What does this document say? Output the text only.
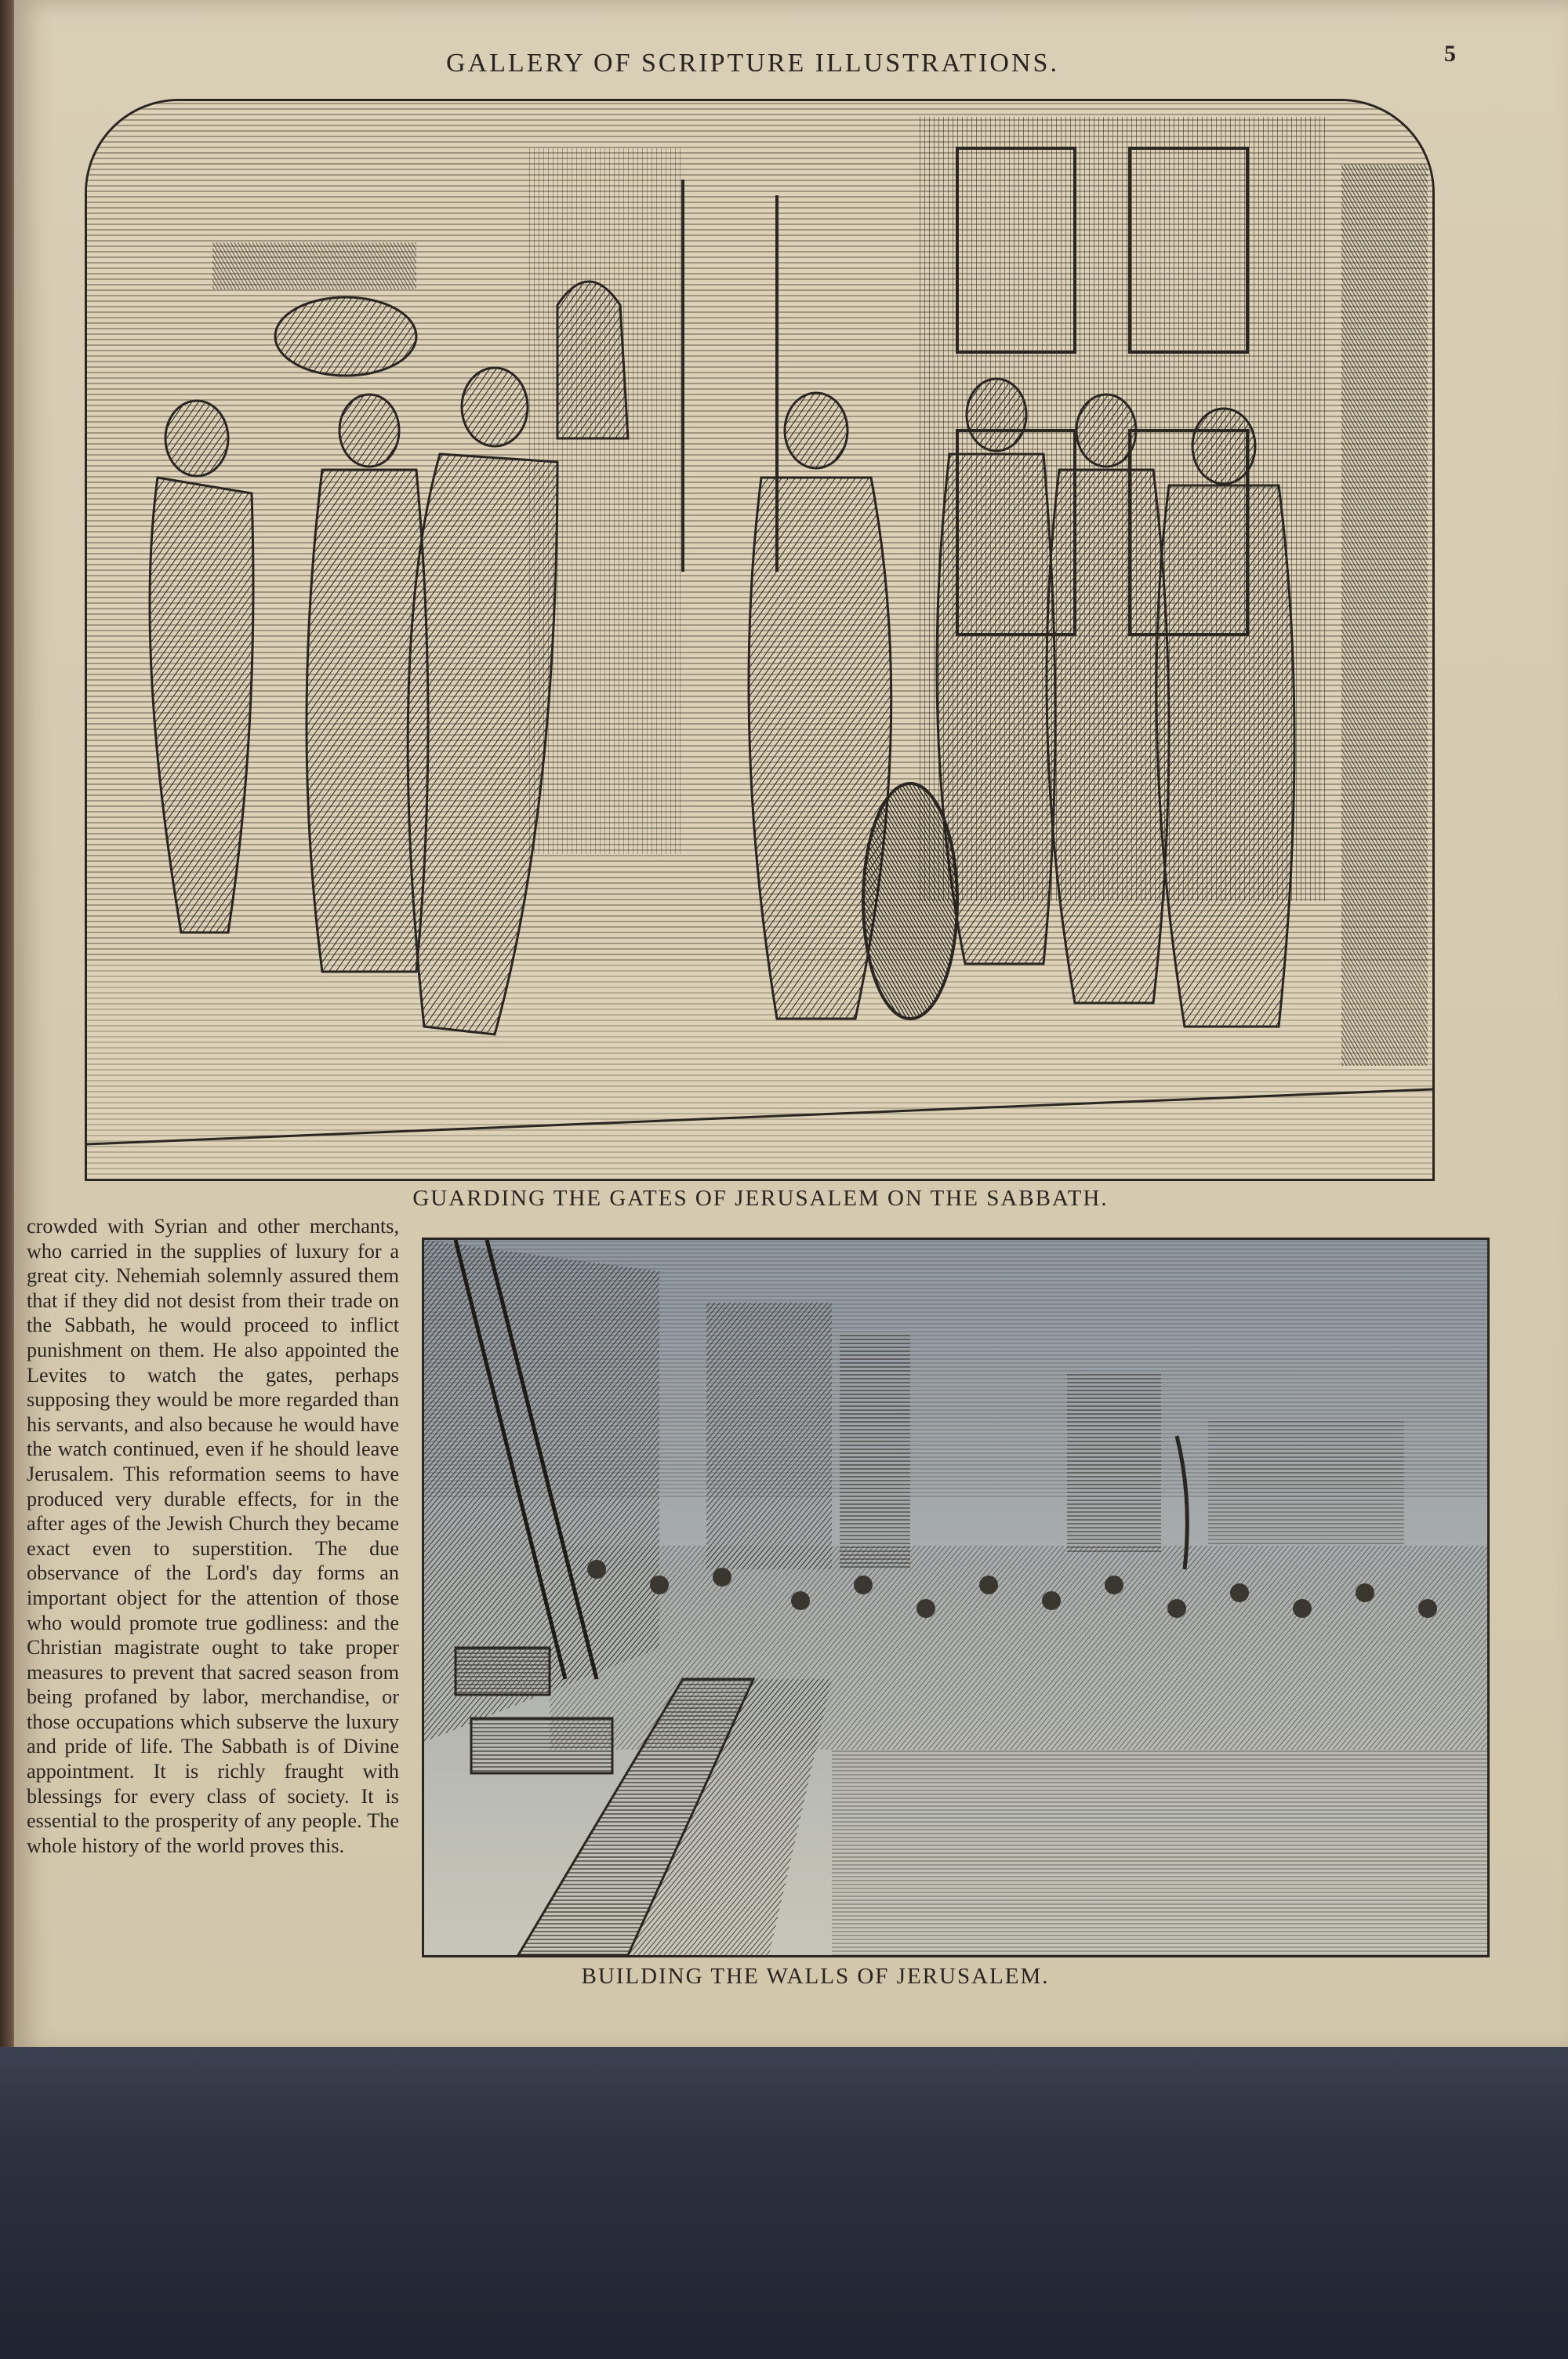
GALLERY OF SCRIPTURE ILLUSTRATIONS.	5
GUARDING THE GATES OF JERUSALEM ON THE SABBATH.

crowded with Syrian and other merchants, who carried in the supplies of luxury for a great city. Nehemiah solemnly assured them that if they did not desist from their trade on the Sabbath, he would proceed to inflict punishment on them. He also appointed the Levites to watch the gates, perhaps supposing they would be more regarded than his servants, and also because he would have the watch continued, even if he should leave Jerusalem. This reformation seems to have produced very durable effects, for in the after ages of the Jewish Church they became exact even to superstition. The due observance of the Lord's day forms an important object for the attention of those who would promote true godliness: and the Christian magistrate ought to take proper measures to prevent that sacred season from being profaned by labor, merchandise, or those occupations which subserve the luxury and pride of life. The Sabbath is of Divine appointment. It is richly fraught with blessings for every class of society. It is essential to the prosperity of any people. The whole history of the world proves this.

BUILDING THE WALLS OF JERUSALEM.
